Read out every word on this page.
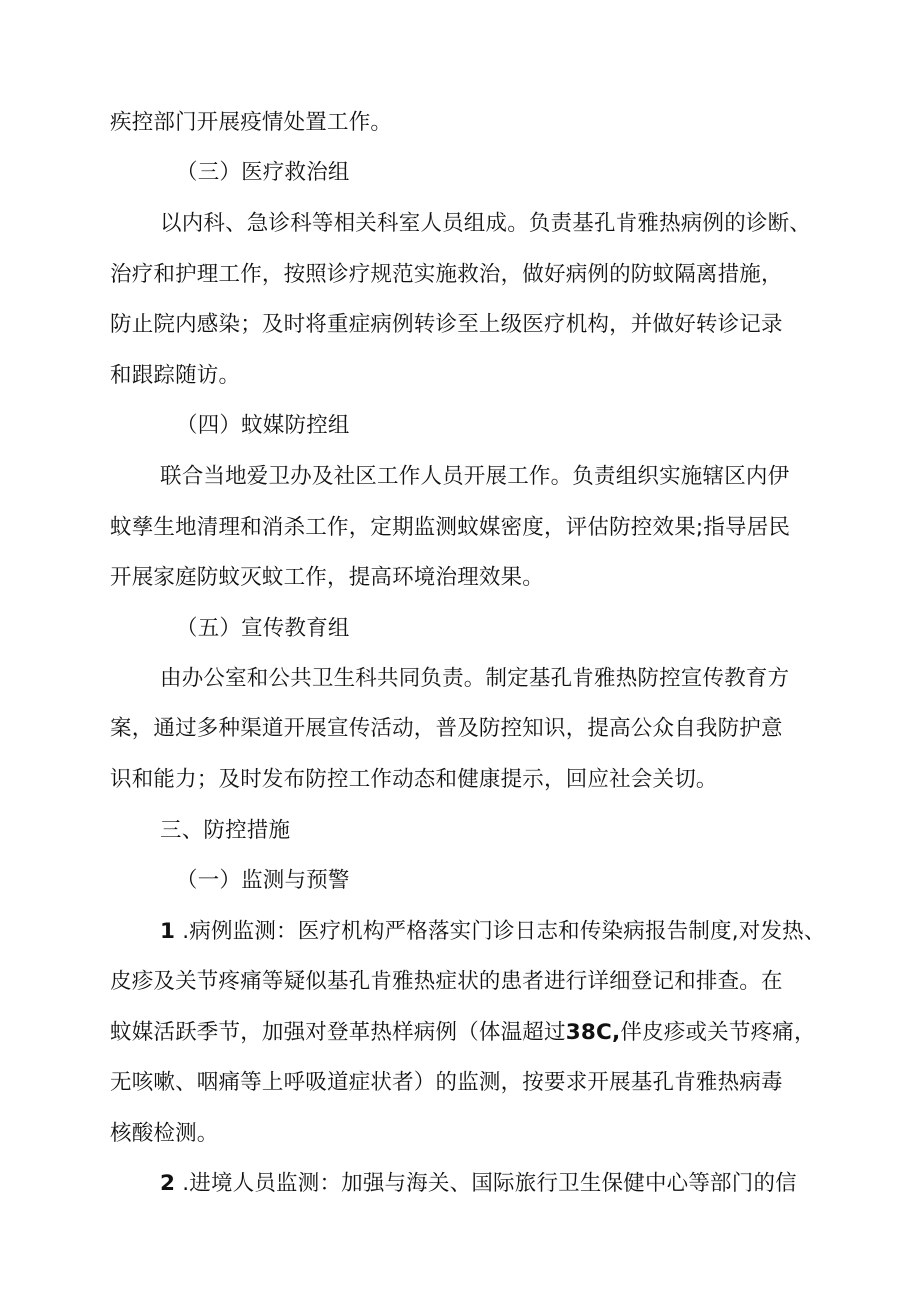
疾控部门开展疫情处置工作。
（三）医疗救治组
以内科、急诊科等相关科室人员组成。负责基孔肯雅热病例的诊断、
治疗和护理工作，按照诊疗规范实施救治，做好病例的防蚊隔离措施，
防止院内感染；及时将重症病例转诊至上级医疗机构，并做好转诊记录
和跟踪随访。
（四）蚊媒防控组
联合当地爱卫办及社区工作人员开展工作。负责组织实施辖区内伊
蚊孳生地清理和消杀工作，定期监测蚊媒密度，评估防控效果;指导居民
开展家庭防蚊灭蚊工作，提高环境治理效果。
（五）宣传教育组
由办公室和公共卫生科共同负责。制定基孔肯雅热防控宣传教育方
案，通过多种渠道开展宣传活动，普及防控知识，提高公众自我防护意
识和能力；及时发布防控工作动态和健康提示，回应社会关切。
三、防控措施
（一）监测与预警
1 .病例监测：医疗机构严格落实门诊日志和传染病报告制度,对发热、
皮疹及关节疼痛等疑似基孔肯雅热症状的患者进行详细登记和排查。在
蚊媒活跃季节，加强对登革热样病例（体温超过38C,伴皮疹或关节疼痛，
无咳嗽、咽痛等上呼吸道症状者）的监测，按要求开展基孔肯雅热病毒
核酸检测。
2 .进境人员监测：加强与海关、国际旅行卫生保健中心等部门的信
